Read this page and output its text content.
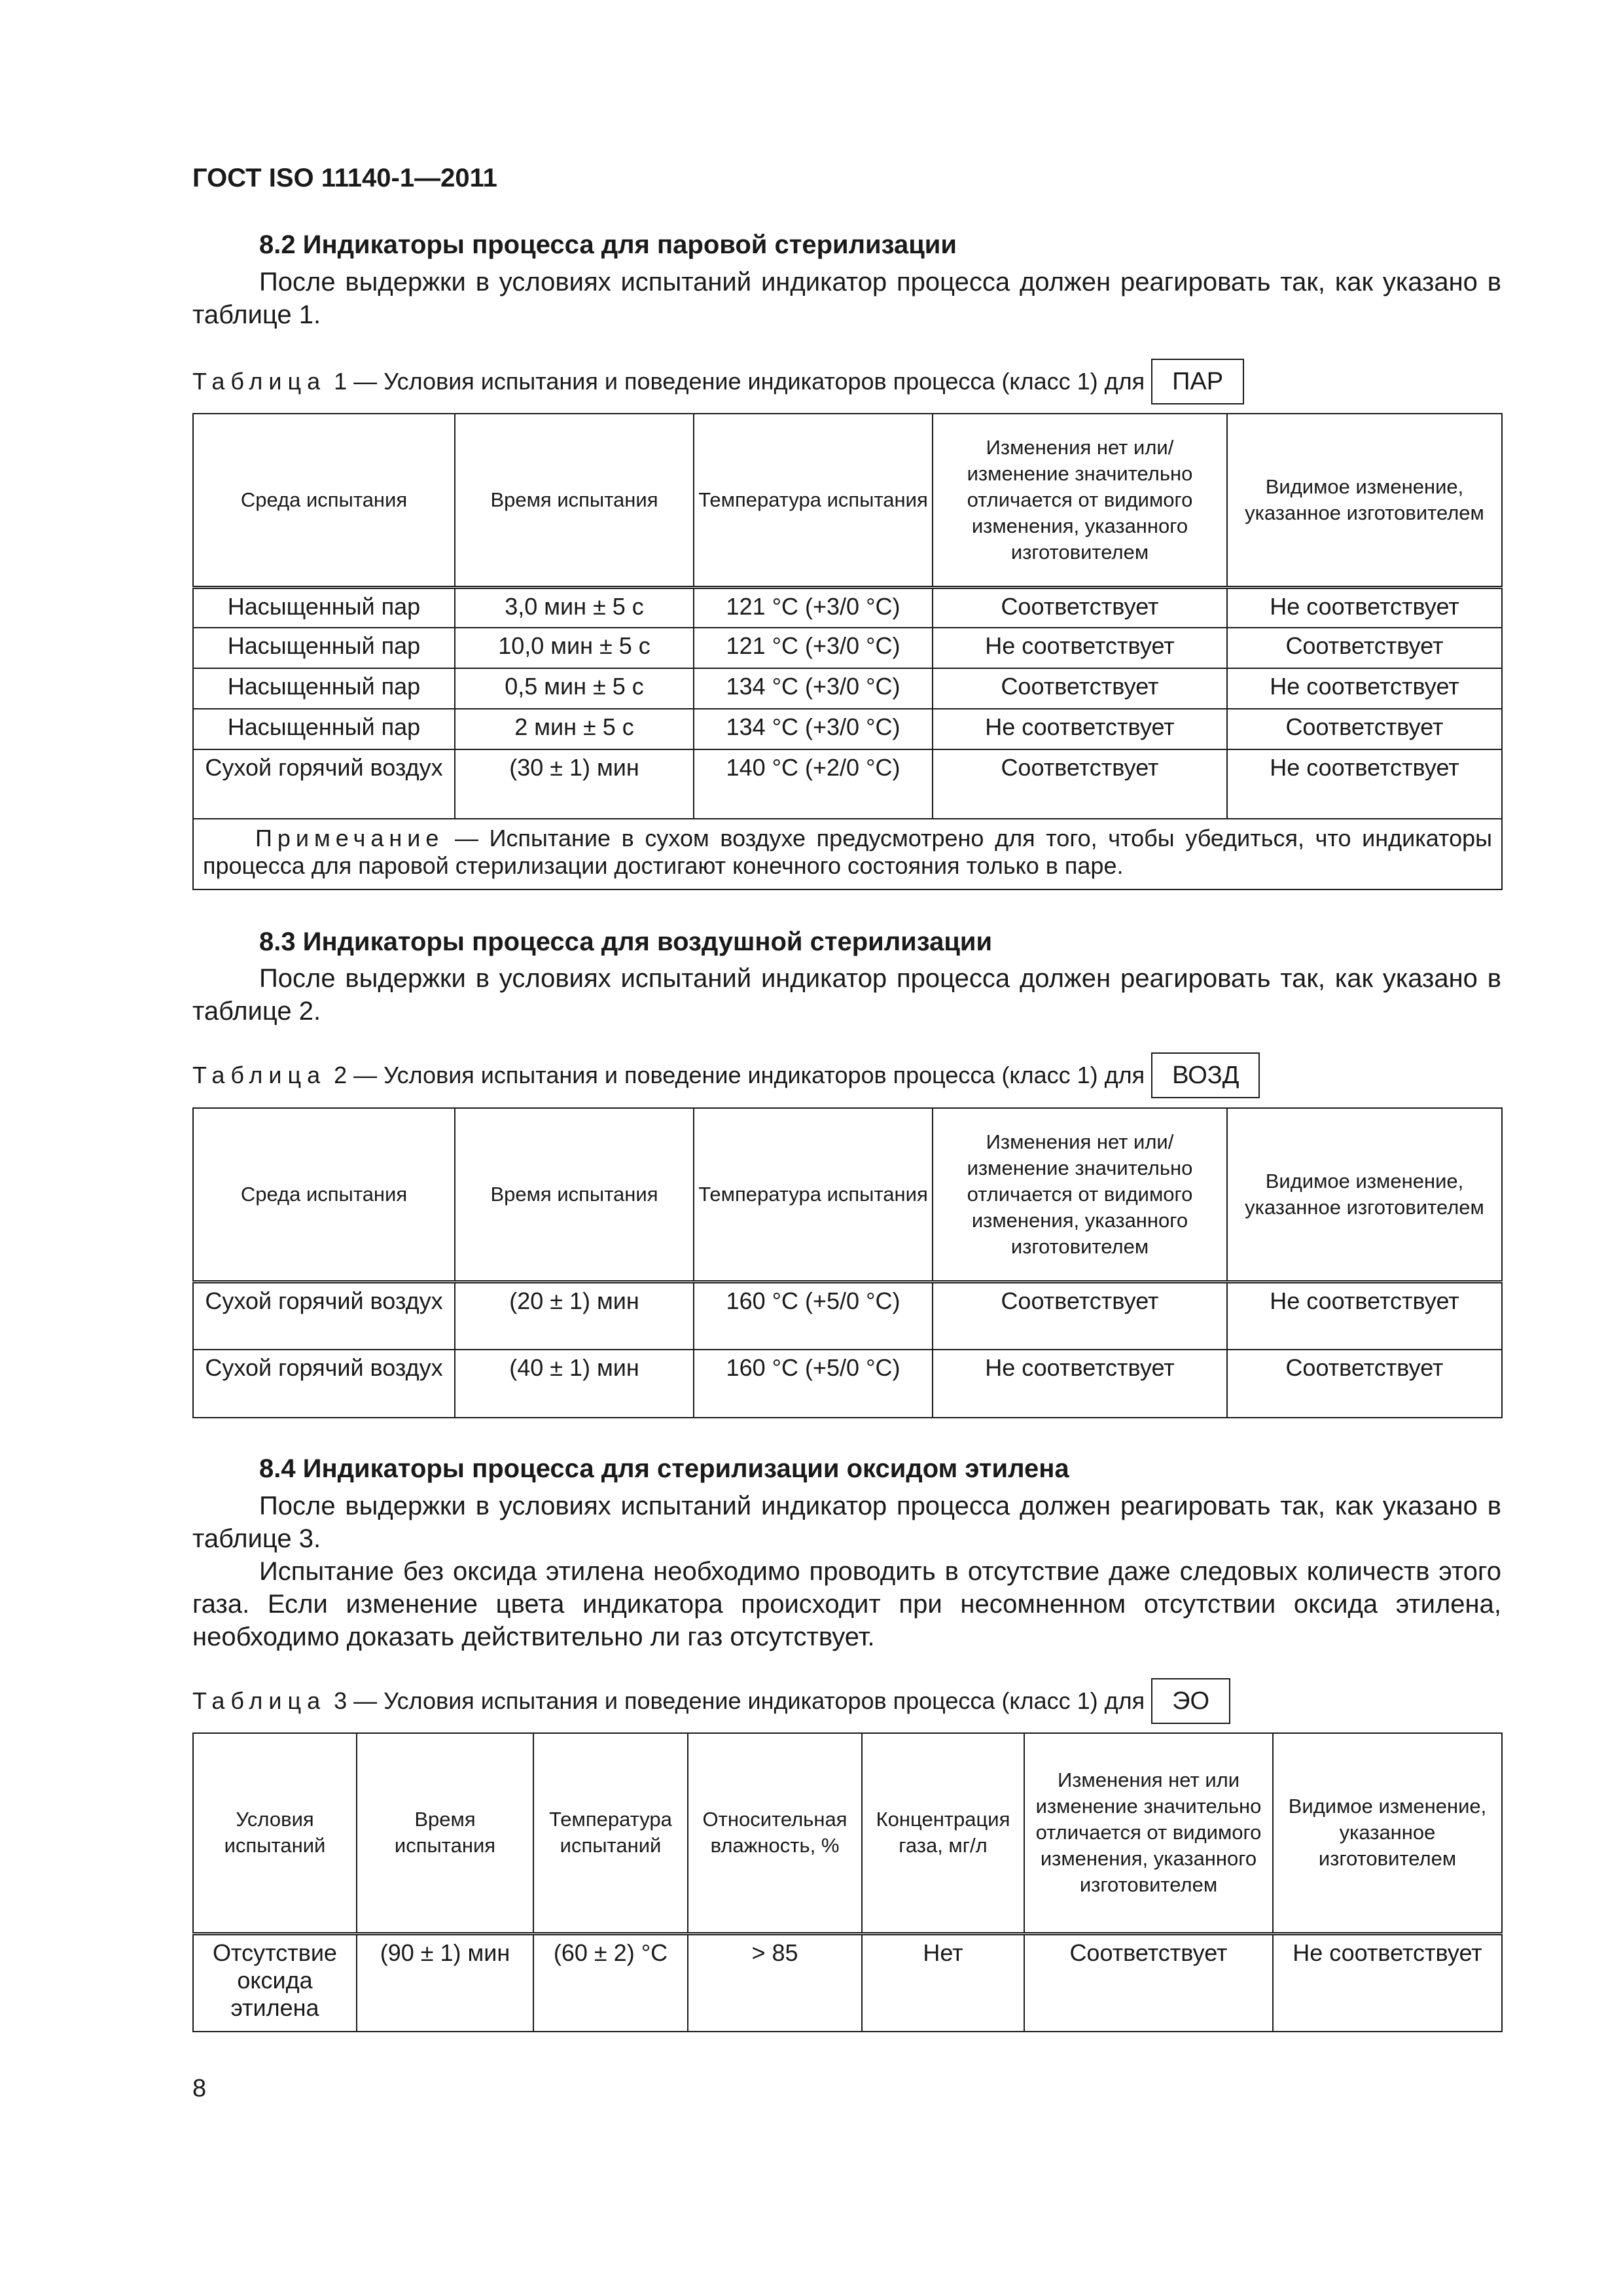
ГОСТ ISO 11140-1—2011
8.2 Индикаторы процесса для паровой стерилизации

После выдержки в условиях испытаний индикатор процесса должен реагировать так, как указано в таблице 1.

Таблица 1 — Условия испытания и поведение индикаторов процесса (класс 1) для	ПАР
Среда испытания	Время испытания	Температура испытания	Изменения нет или/изменение значительно отличается от видимого изменения, указанного изготовителем	Видимое изменение, указанное изготовителем
Насыщенный пар	3,0 мин ± 5 с	121 °С (+3/0 °С)	Соответствует	Не соответствует
Насыщенный пар	10,0 мин ± 5 с	121 °С (+3/0 °С)	Не соответствует	Соответствует
Насыщенный пар	0,5 мин ± 5 с	134 °С (+3/0 °С)	Соответствует	Не соответствует
Насыщенный пар	2 мин ± 5 с	134 °С (+3/0 °С)	Не соответствует	Соответствует
Сухой горячий воздух	(30 ± 1) мин	140 °С (+2/0 °С)	Соответствует	Не соответствует
Примечание — Испытание в сухом воздухе предусмотрено для того, чтобы убедиться, что индикаторы процесса для паровой стерилизации достигают конечного состояния только в паре.				
8.3 Индикаторы процесса для воздушной стерилизации

После выдержки в условиях испытаний индикатор процесса должен реагировать так, как указано в таблице 2.

Таблица 2 — Условия испытания и поведение индикаторов процесса (класс 1) для	ВОЗД
Среда испытания	Время испытания	Температура испытания	Изменения нет или/изменение значительно отличается от видимого изменения, указанного изготовителем	Видимое изменение, указанное изготовителем
Сухой горячий воздух	(20 ± 1) мин	160 °С (+5/0 °С)	Соответствует	Не соответствует
Сухой горячий воздух	(40 ± 1) мин	160 °С (+5/0 °С)	Не соответствует	Соответствует
8.4 Индикаторы процесса для стерилизации оксидом этилена

После выдержки в условиях испытаний индикатор процесса должен реагировать так, как указано в таблице 3.

Испытание без оксида этилена необходимо проводить в отсутствие даже следовых количеств этого газа. Если изменение цвета индикатора происходит при несомненном отсутствии оксида этилена, необходимо доказать действительно ли газ отсутствует.

Таблица 3 — Условия испытания и поведение индикаторов процесса (класс 1) для	ЭО
Условия испытаний	Время испытания	Температура испытаний	Относительная влажность, %	Концентрация газа, мг/л	Изменения нет или изменение значительно отличается от видимого изменения, указанного изготовителем	Видимое изменение, указанное изготовителем
Отсутствие оксида этилена	(90 ± 1) мин	(60 ± 2) °С	> 85	Нет	Соответствует	Не соответствует
8
